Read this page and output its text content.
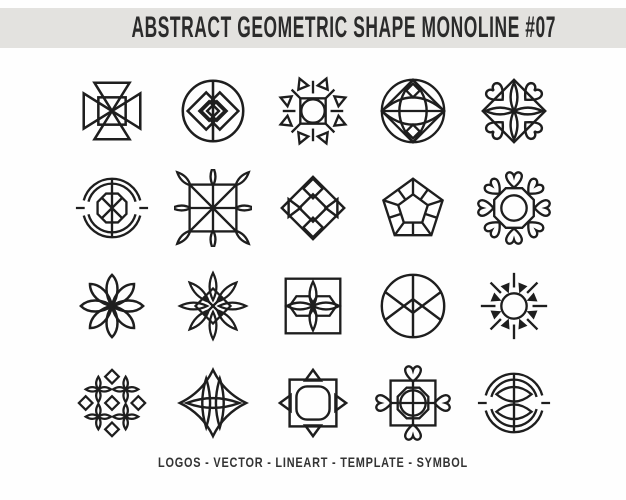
ABSTRACT GEOMETRIC SHAPE MONOLINE #07
LOGOS - VECTOR - LINEART - TEMPLATE - SYMBOL
